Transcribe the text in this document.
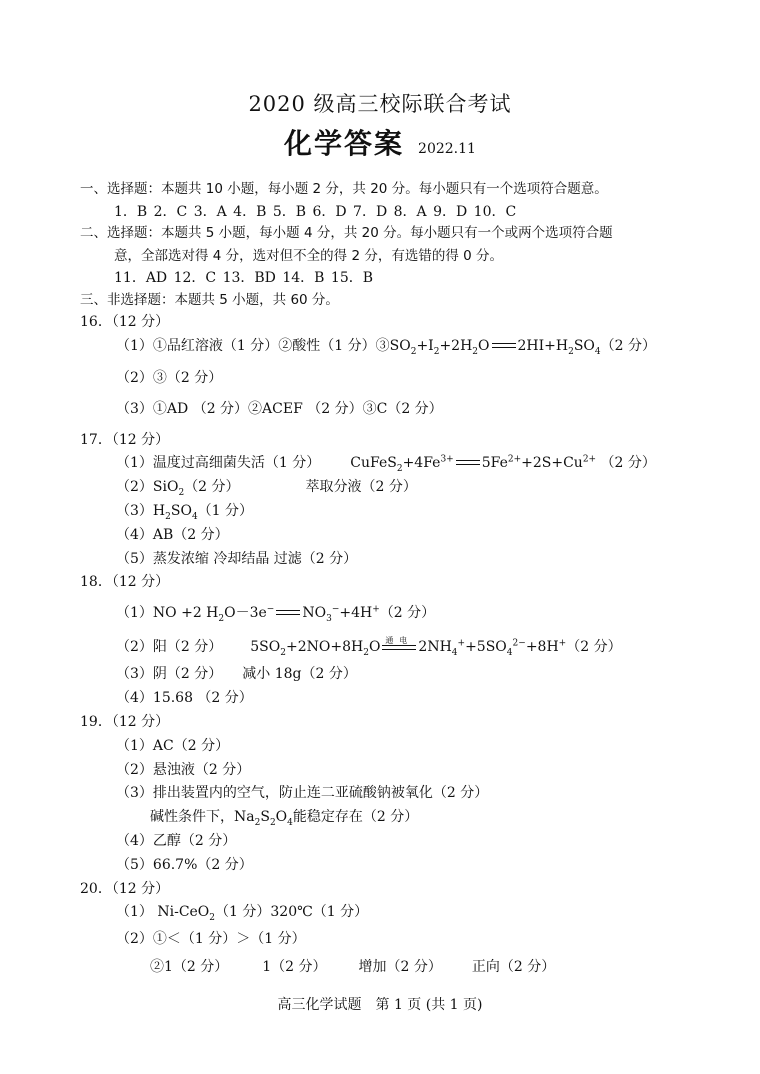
2020 级高三校际联合考试
化学答案 2022.11
一、选择题：本题共 10 小题，每小题 2 分，共 20 分。每小题只有一个选项符合题意。
1．B 2．C 3．A 4．B 5．B 6．D 7．D 8．A 9．D 10．C
二、选择题：本题共 5 小题，每小题 4 分，共 20 分。每小题只有一个或两个选项符合题
意，全部选对得 4 分，选对但不全的得 2 分，有选错的得 0 分。
11．AD 12．C 13．BD 14．B 15．B
三、非选择题：本题共 5 小题，共 60 分。
16．（12 分）
（1）①品红溶液（1 分）②酸性（1 分）$③SO_2+I_2+2H_2O$ $2HI+H_2SO_4(2$ 分）
（2）③（2 分）
（3）①AD （2 分）②ACEF （2 分）③C（2 分）
17．（12 分）
（1）温度过高细菌失活（1 分） $CuFeS_2+4Fe^{3+}$ $5Fe^{2+}+2S+Cu^{2+}$ （2 分）
（2）SiO$_2$（2 分）	萃取分液（2 分）
$(3)H_2SO_4(1$ 分）
（4）AB（2 分）
（5）蒸发浓缩 冷却结晶 过滤（2 分）
18．（12 分）
（1）NO +2 $H_2O-3e^-$ $NO_3^-+4H^+(2$ 分）
（2）阳（2 分） $5SO_2+2NO+8H_2O$ 通电 $2NH_4^++5SO_4^{2-}+8H^+(2$ 分）
（3）阴（2 分） 减小 18g（2 分）
（4）15.68 （2 分）
19．（12 分）
（1）AC（2 分）
（2）悬浊液（2 分）
（3）排出装置内的空气，防止连二亚硫酸钠被氧化（2 分）
碱性条件下，$Na_2S_2O_4$能稳定存在（2 分）
（4）乙醇（2 分）
（5）66.7%（2 分）
20．（12 分）
（1） Ni-CeO$_2$（1 分）320℃（1 分）
（2）①＜（1 分）＞（1 分）
②1（2 分） 1（2 分） 增加（2 分） 正向（2 分）
高三化学试题　第 1 页 (共 1 页)
